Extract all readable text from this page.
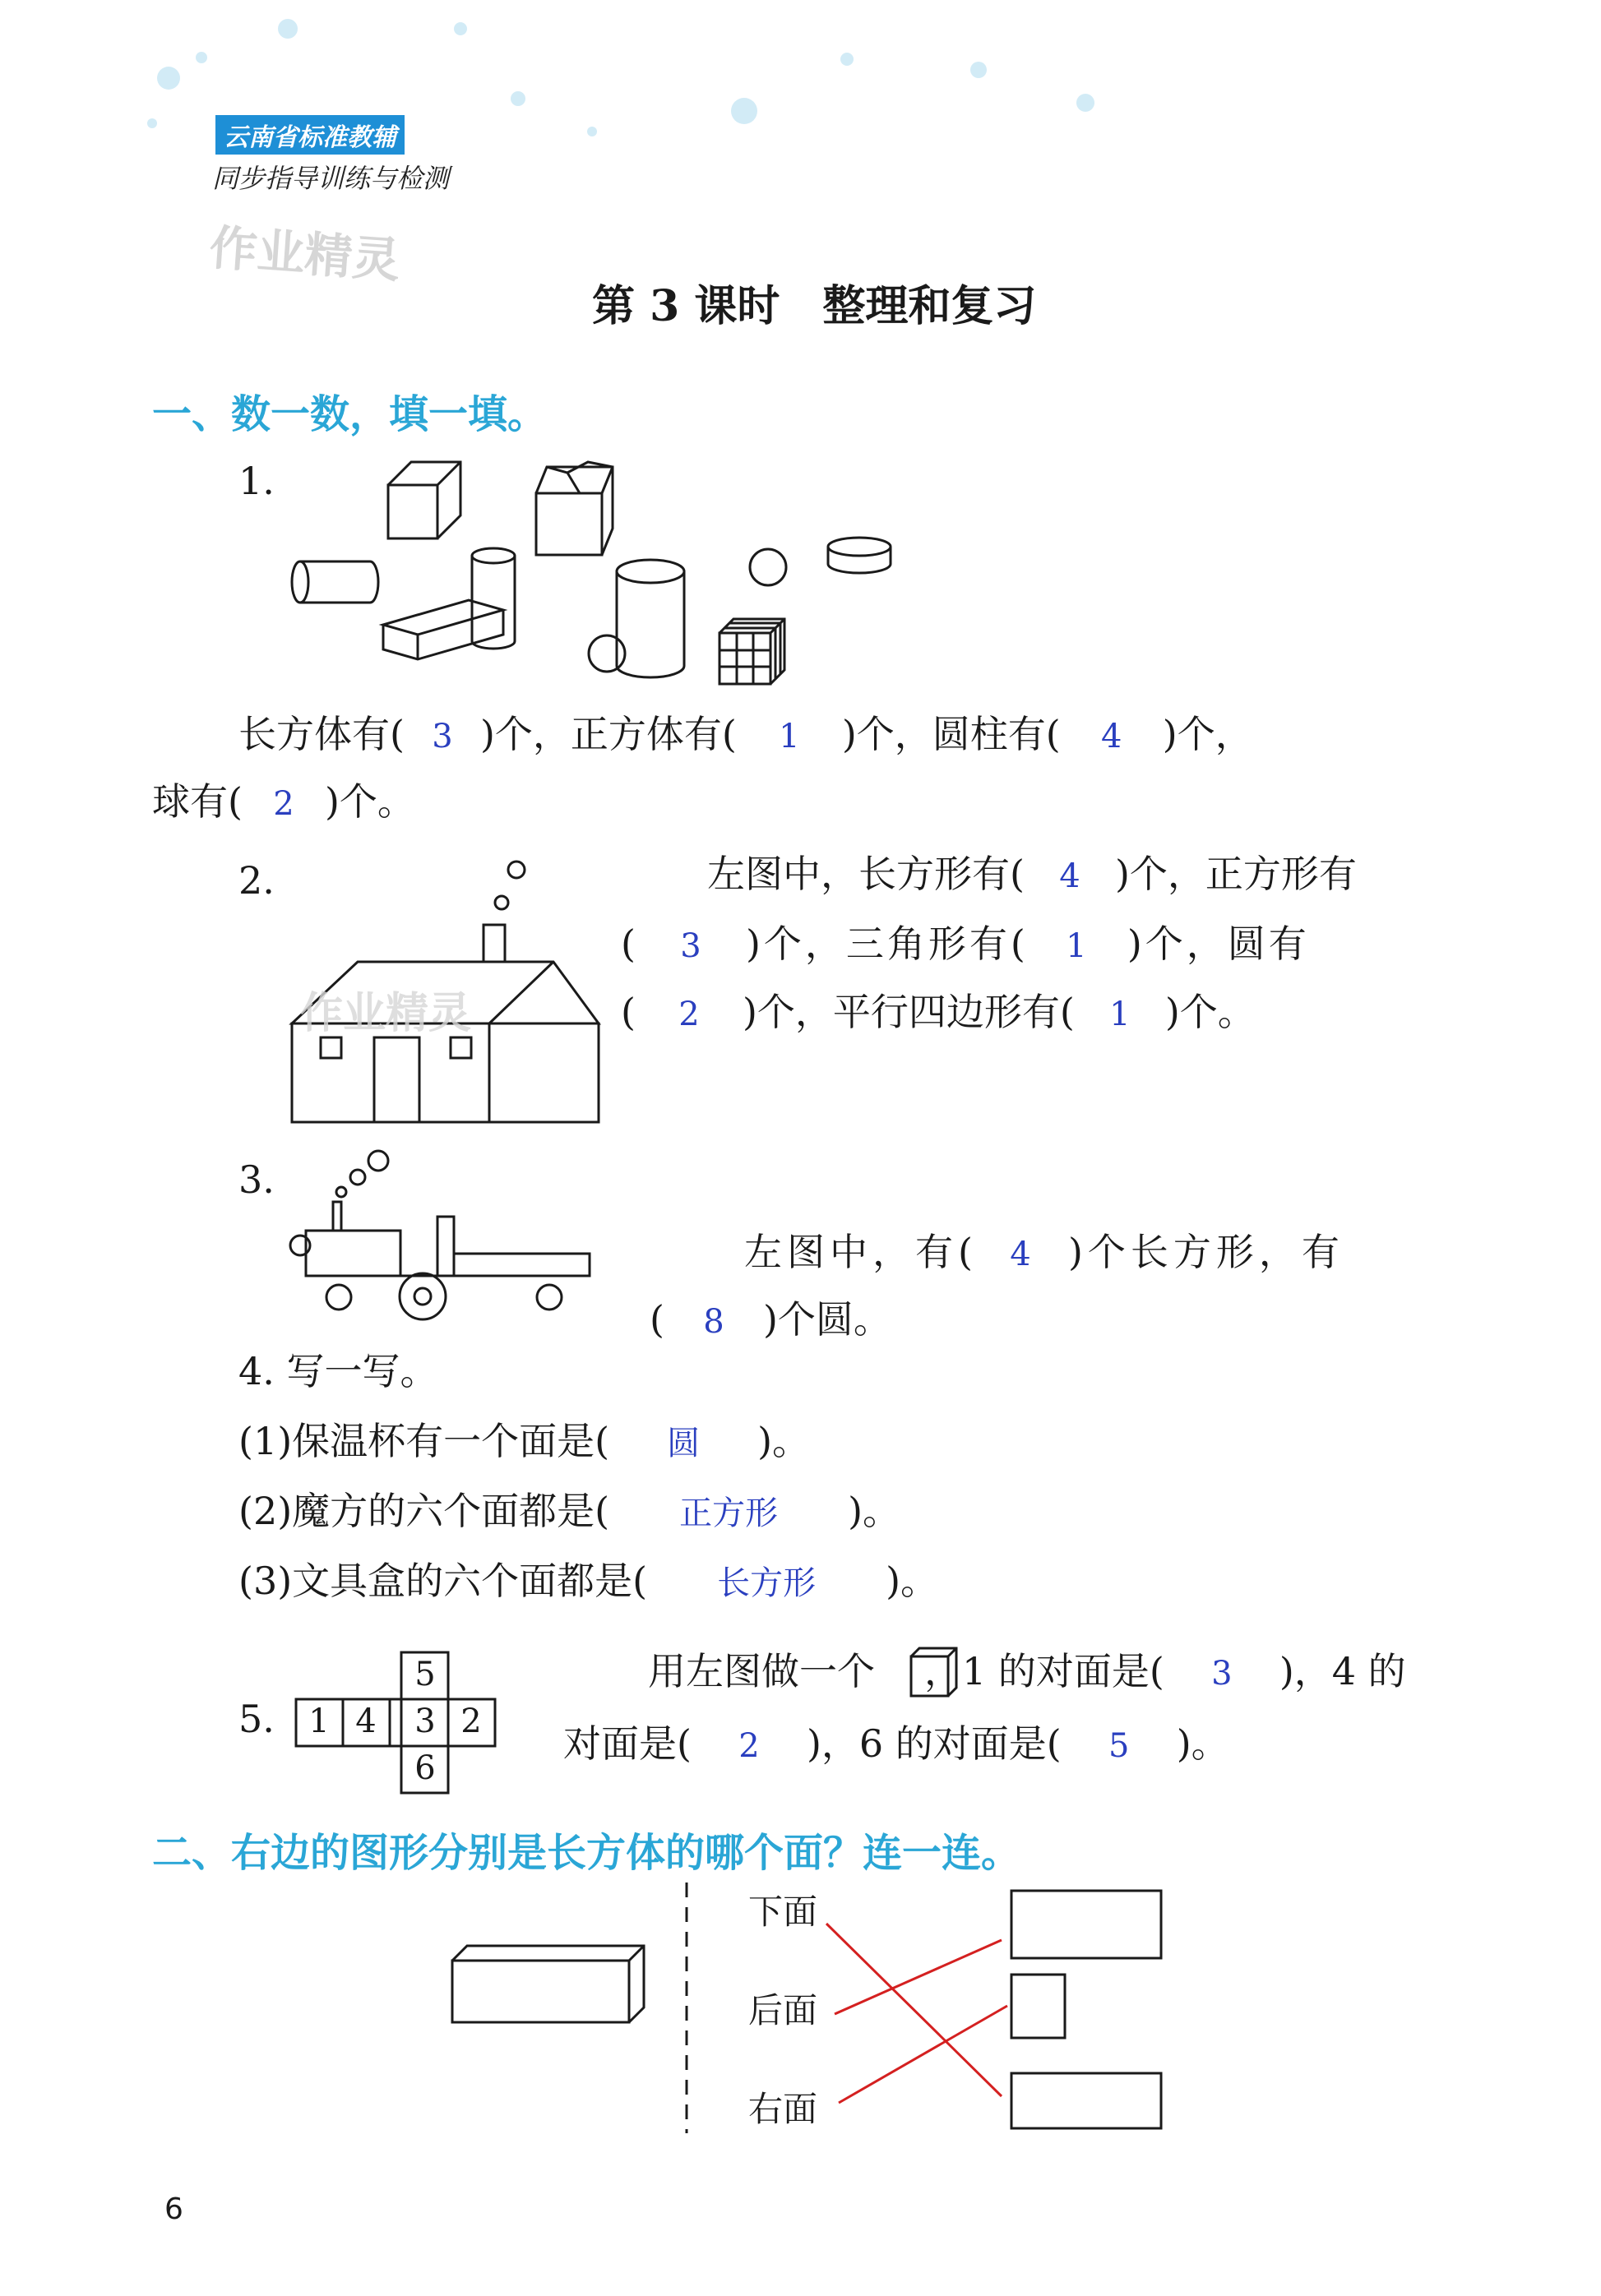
云南省标准教辅
同步指导训练与检测
作业精灵
第 3 课时　整理和复习
一、数一数，填一填。
1.
长方体有( 3 )个，正方体有( 1 )个，圆柱有( 4 )个，
球有( 2 )个。
2.
作业精灵
左图中，长方形有( 4 )个，正方形有
( 3 )个，三角形有( 1 )个，圆有
( 2 )个，平行四边形有( 1 )个。
3.
左图中，有( 4 )个长方形，有
( 8 )个圆。
4. 写一写。
(1)保温杯有一个面是( 圆 )。
(2)魔方的六个面都是( 正方形 )。
(3)文具盒的六个面都是( 长方形 )。
5.
5
1 4 3 2
6
用左图做一个 ，1 的对面是( 3 )，4 的
对面是( 2 )，6 的对面是( 5 )。
二、右边的图形分别是长方体的哪个面？连一连。
下面
后面
右面
6
